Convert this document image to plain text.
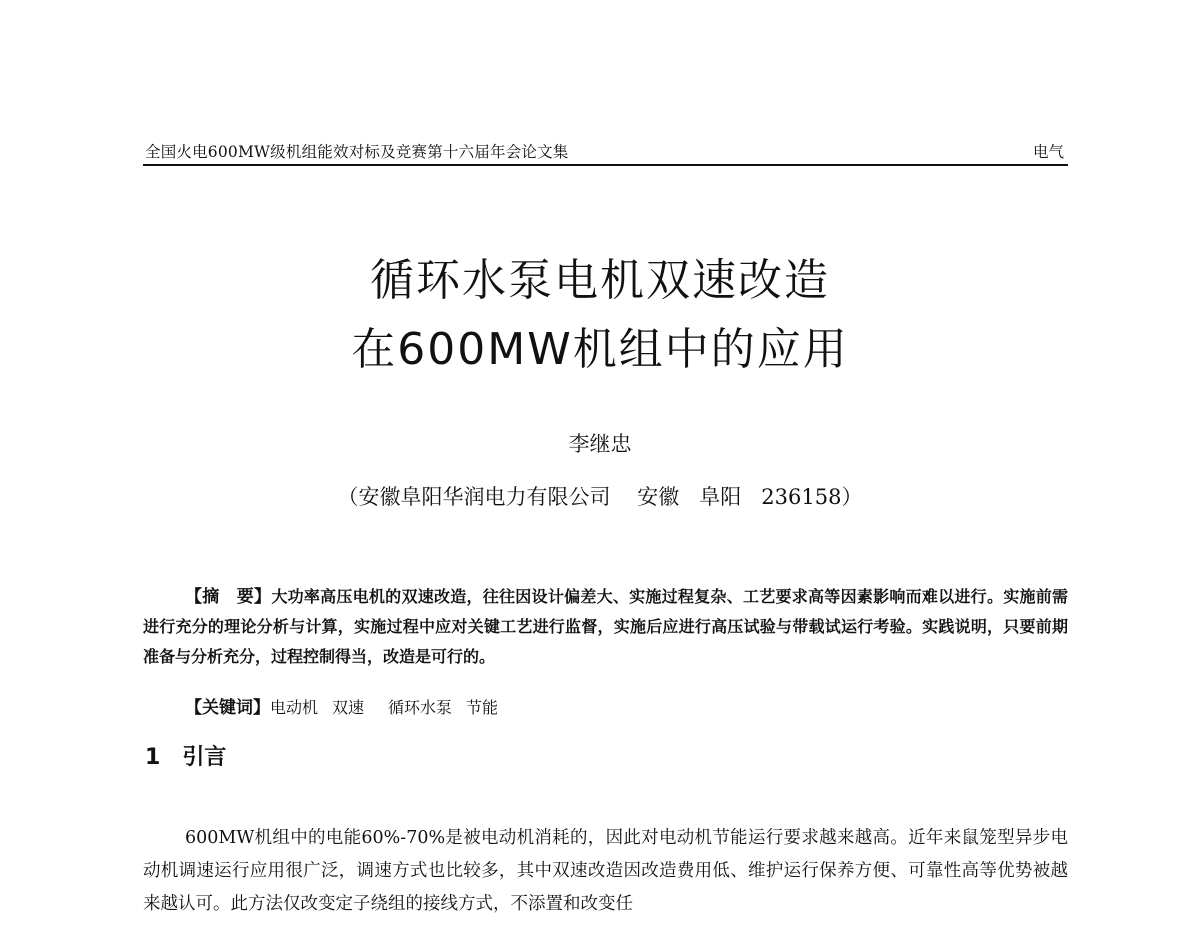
全国火电600MW级机组能效对标及竞赛第十六届年会论文集	电气
循环水泵电机双速改造
在600MW机组中的应用
李继忠
（安徽阜阳华润电力有限公司 安徽 阜阳 236158）
【摘　要】大功率高压电机的双速改造，往往因设计偏差大、实施过程复杂、工艺要求高等因素影响而难以进行。实施前需进行充分的理论分析与计算，实施过程中应对关键工艺进行监督，实施后应进行高压试验与带载试运行考验。实践说明，只要前期准备与分析充分，过程控制得当，改造是可行的。
【关键词】电动机 双速 循环水泵 节能
1 引言
600MW机组中的电能60%-70%是被电动机消耗的，因此对电动机节能运行要求越来越高。近年来鼠笼型异步电动机调速运行应用很广泛，调速方式也比较多，其中双速改造因改造费用低、维护运行保养方便、可靠性高等优势被越来越认可。此方法仅改变定子绕组的接线方式，不添置和改变任
